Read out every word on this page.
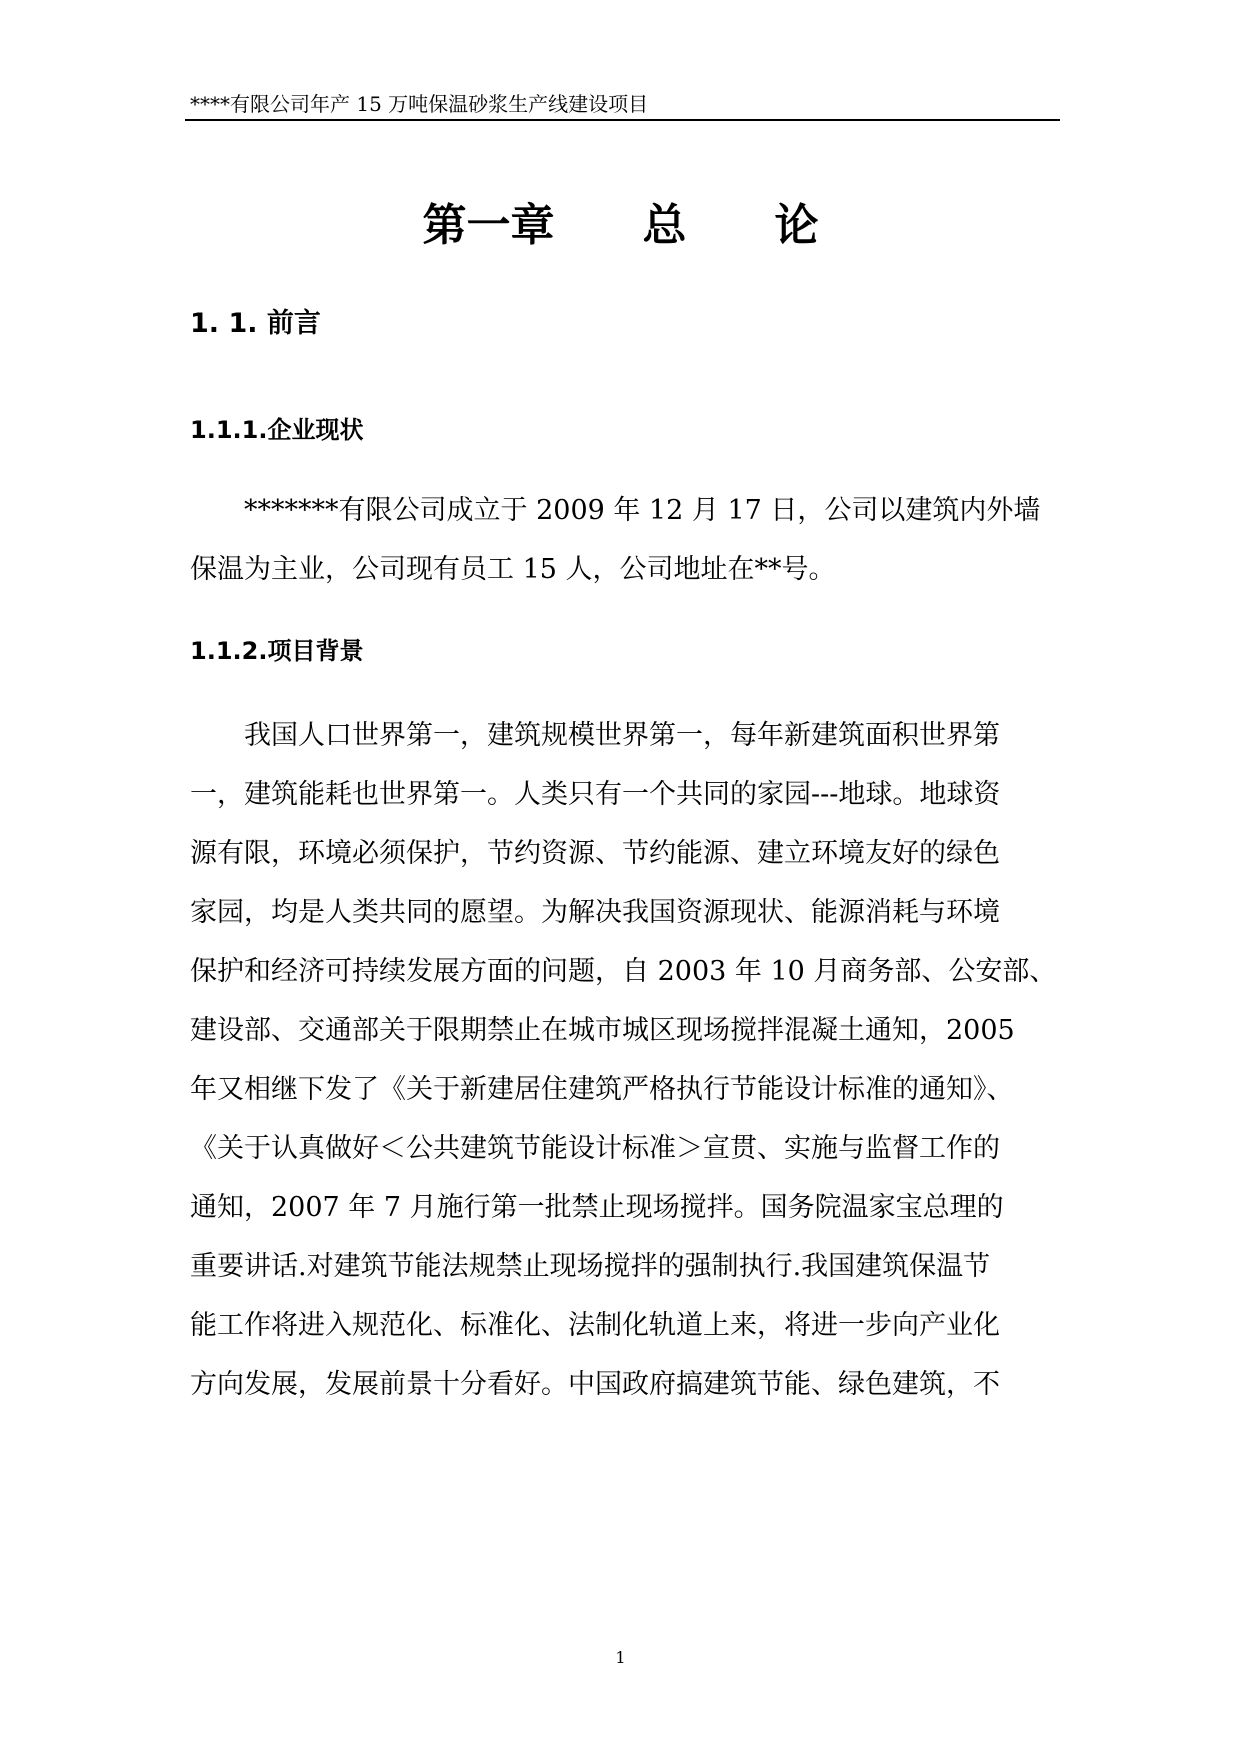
****有限公司年产 15 万吨保温砂浆生产线建设项目
第一章　　总　　论
1. 1. 前言
1.1.1.企业现状
　　*******有限公司成立于 2009 年 12 月 17 日，公司以建筑内外墙
保温为主业，公司现有员工 15 人，公司地址在**号。
1.1.2.项目背景
　　我国人口世界第一，建筑规模世界第一，每年新建筑面积世界第
一，建筑能耗也世界第一。人类只有一个共同的家园---地球。地球资
源有限，环境必须保护，节约资源、节约能源、建立环境友好的绿色
家园，均是人类共同的愿望。为解决我国资源现状、能源消耗与环境
保护和经济可持续发展方面的问题，自 2003 年 10 月商务部、公安部、
建设部、交通部关于限期禁止在城市城区现场搅拌混凝土通知，2005
年又相继下发了《关于新建居住建筑严格执行节能设计标准的通知》、
《关于认真做好＜公共建筑节能设计标准＞宣贯、实施与监督工作的
通知，2007 年 7 月施行第一批禁止现场搅拌。国务院温家宝总理的
重要讲话.对建筑节能法规禁止现场搅拌的强制执行.我国建筑保温节
能工作将进入规范化、标准化、法制化轨道上来，将进一步向产业化
方向发展，发展前景十分看好。中国政府搞建筑节能、绿色建筑，不
1
